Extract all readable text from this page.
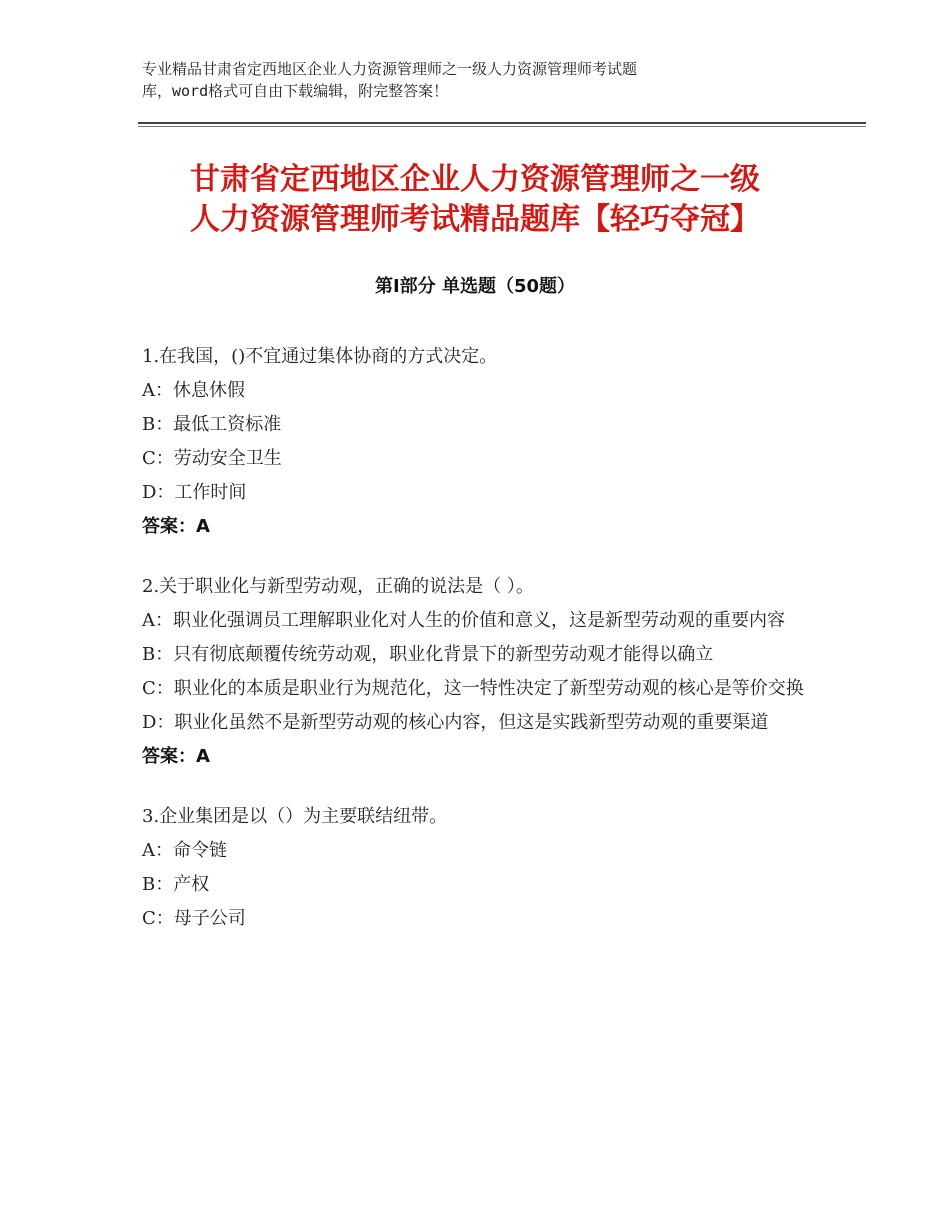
专业精品甘肃省定西地区企业人力资源管理师之一级人力资源管理师考试题
库，word格式可自由下载编辑，附完整答案！
甘肃省定西地区企业人力资源管理师之一级
人力资源管理师考试精品题库【轻巧夺冠】
第Ⅰ部分 单选题（50题）
1.在我国，()不宜通过集体协商的方式决定。
A：休息休假
B：最低工资标准
C：劳动安全卫生
D：工作时间
答案：A
2.关于职业化与新型劳动观，正确的说法是（ ）。
A：职业化强调员工理解职业化对人生的价值和意义，这是新型劳动观的重要内容
B：只有彻底颠覆传统劳动观，职业化背景下的新型劳动观才能得以确立
C：职业化的本质是职业行为规范化，这一特性决定了新型劳动观的核心是等价交换
D：职业化虽然不是新型劳动观的核心内容，但这是实践新型劳动观的重要渠道
答案：A
3.企业集团是以（）为主要联结纽带。
A：命令链
B：产权
C：母子公司
